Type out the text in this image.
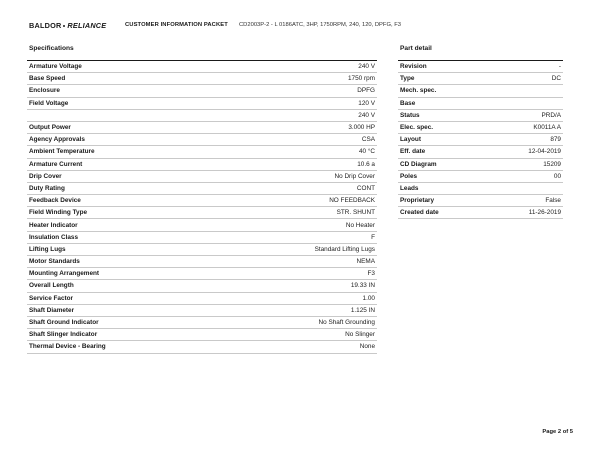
BALDOR RELIANCE	CUSTOMER INFORMATION PACKET	CD2003P-2 - L 0186ATC, 3HP, 1750RPM, 240, 120, DPFG, F3
Specifications	Part detail
Armature Voltage	240 V
Base Speed	1750 rpm
Enclosure	DPFG
Field Voltage	120 V
	240 V
Output Power	3.000 HP
Agency Approvals	CSA
Ambient Temperature	40 °C
Armature Current	10.6 a
Drip Cover	No Drip Cover
Duty Rating	CONT
Feedback Device	NO FEEDBACK
Field Winding Type	STR. SHUNT
Heater Indicator	No Heater
Insulation Class	F
Lifting Lugs	Standard Lifting Lugs
Motor Standards	NEMA
Mounting Arrangement	F3
Overall Length	19.33 IN
Service Factor	1.00
Shaft Diameter	1.125 IN
Shaft Ground Indicator	No Shaft Grounding
Shaft Slinger Indicator	No Slinger
Thermal Device - Bearing	None
Revision	-
Type	DC
Mech. spec.	
Base	
Status	PRD/A
Elec. spec.	K0011A A
Layout	879
Eff. date	12-04-2019
CD Diagram	15209
Poles	00
Leads	
Proprietary	False
Created date	11-26-2019
Page 2 of 5
